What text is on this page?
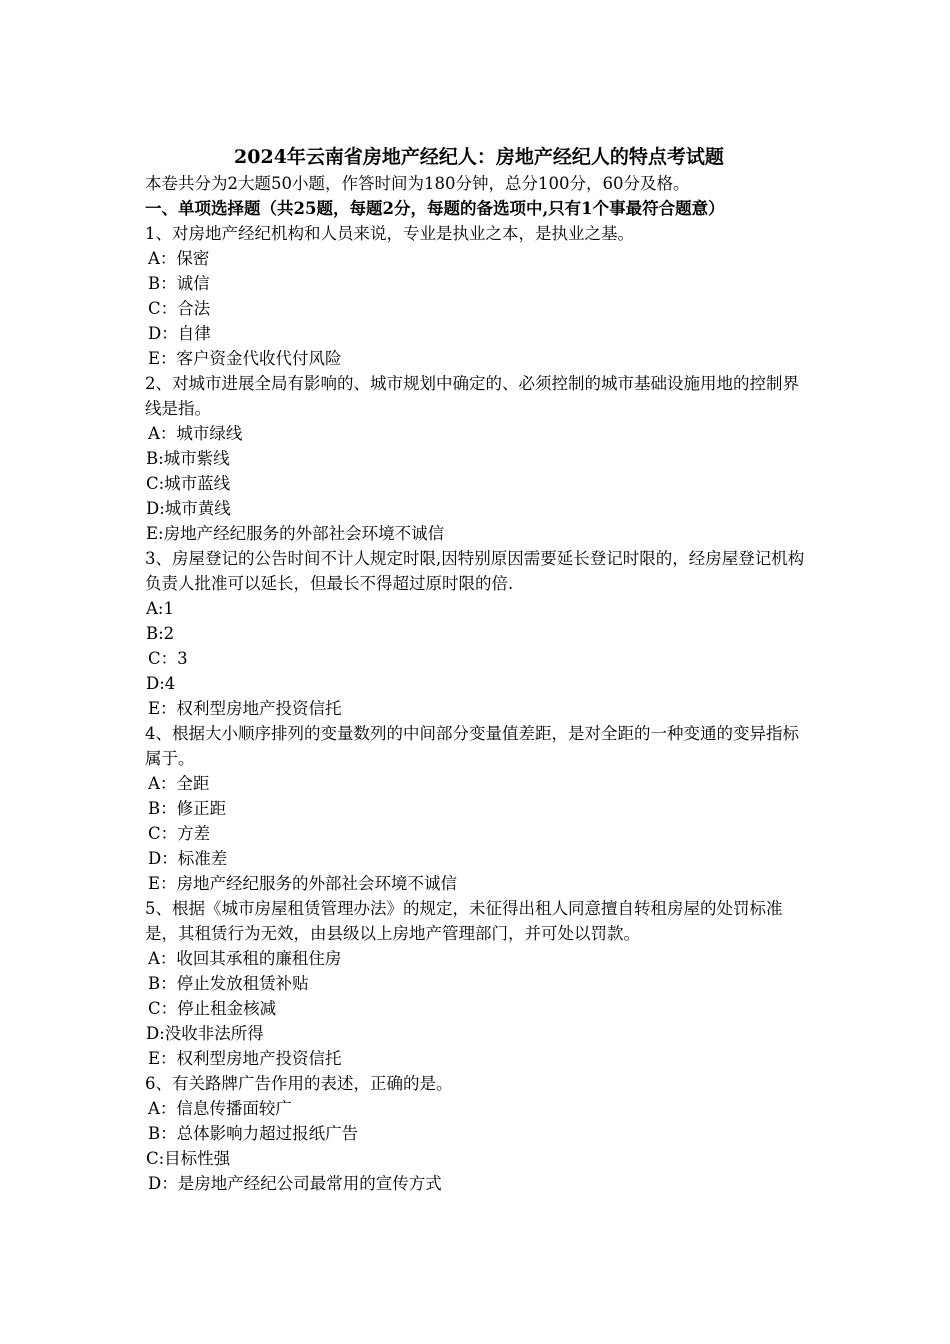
2024年云南省房地产经纪人：房地产经纪人的特点考试题

本卷共分为2大题50小题，作答时间为180分钟，总分100分，60分及格。

一、单项选择题（共25题，每题2分，每题的备选项中,只有1个事最符合题意）

1、对房地产经纪机构和人员来说，专业是执业之本，是执业之基。

A：保密

B：诚信

C：合法

D：自律

E：客户资金代收代付风险

2、对城市进展全局有影响的、城市规划中确定的、必须控制的城市基础设施用地的控制界线是指。

A：城市绿线

B:城市紫线

C:城市蓝线

D:城市黄线

E:房地产经纪服务的外部社会环境不诚信

3、房屋登记的公告时间不计人规定时限,因特别原因需要延长登记时限的，经房屋登记机构负责人批准可以延长，但最长不得超过原时限的倍.

A:1

B:2

C：3

D:4

E：权利型房地产投资信托

4、根据大小顺序排列的变量数列的中间部分变量值差距，是对全距的一种变通的变异指标属于。

A：全距

B：修正距

C：方差

D：标准差

E：房地产经纪服务的外部社会环境不诚信

5、根据《城市房屋租赁管理办法》的规定，未征得出租人同意擅自转租房屋的处罚标准是，其租赁行为无效，由县级以上房地产管理部门，并可处以罚款。

A：收回其承租的廉租住房

B：停止发放租赁补贴

C：停止租金核减

D:没收非法所得

E：权利型房地产投资信托

6、有关路牌广告作用的表述，正确的是。

A：信息传播面较广

B：总体影响力超过报纸广告

C:目标性强

D：是房地产经纪公司最常用的宣传方式
